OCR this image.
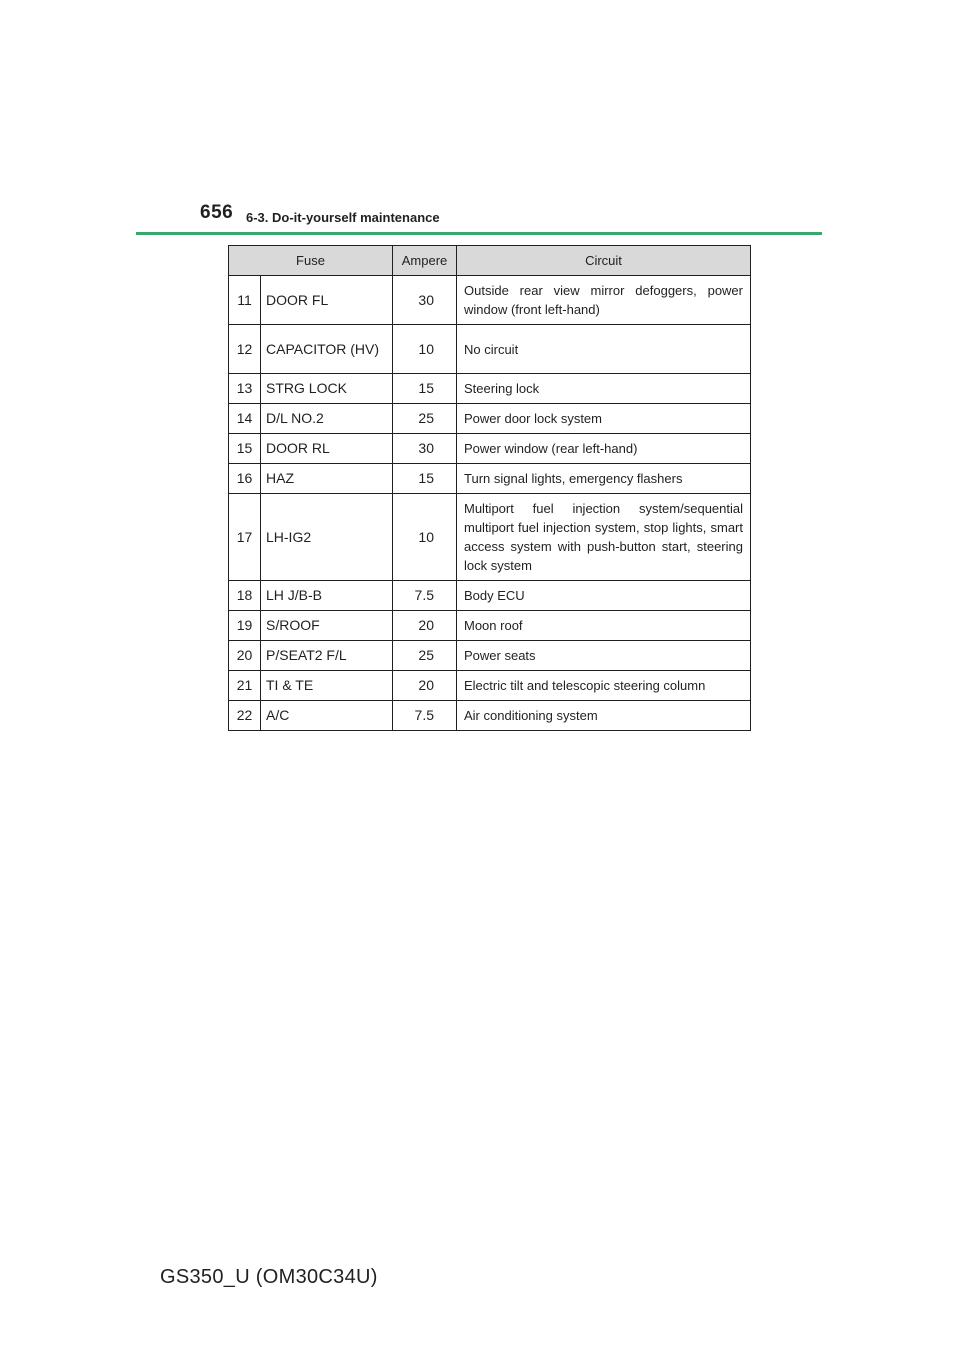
656 6-3. Do-it-yourself maintenance
Fuse		Ampere	Circuit
11	DOOR FL	30	Outside rear view mirror defoggers, power window (front left-hand)
12	CAPACITOR (HV)	10	No circuit
13	STRG LOCK	15	Steering lock
14	D/L NO.2	25	Power door lock system
15	DOOR RL	30	Power window (rear left-hand)
16	HAZ	15	Turn signal lights, emergency flashers
17	LH-IG2	10	Multiport fuel injection system/sequential multiport fuel injection system, stop lights, smart access system with push-button start, steering lock system
18	LH J/B-B	7.5	Body ECU
19	S/ROOF	20	Moon roof
20	P/SEAT2 F/L	25	Power seats
21	TI & TE	20	Electric tilt and telescopic steering column
22	A/C	7.5	Air conditioning system
GS350_U (OM30C34U)
